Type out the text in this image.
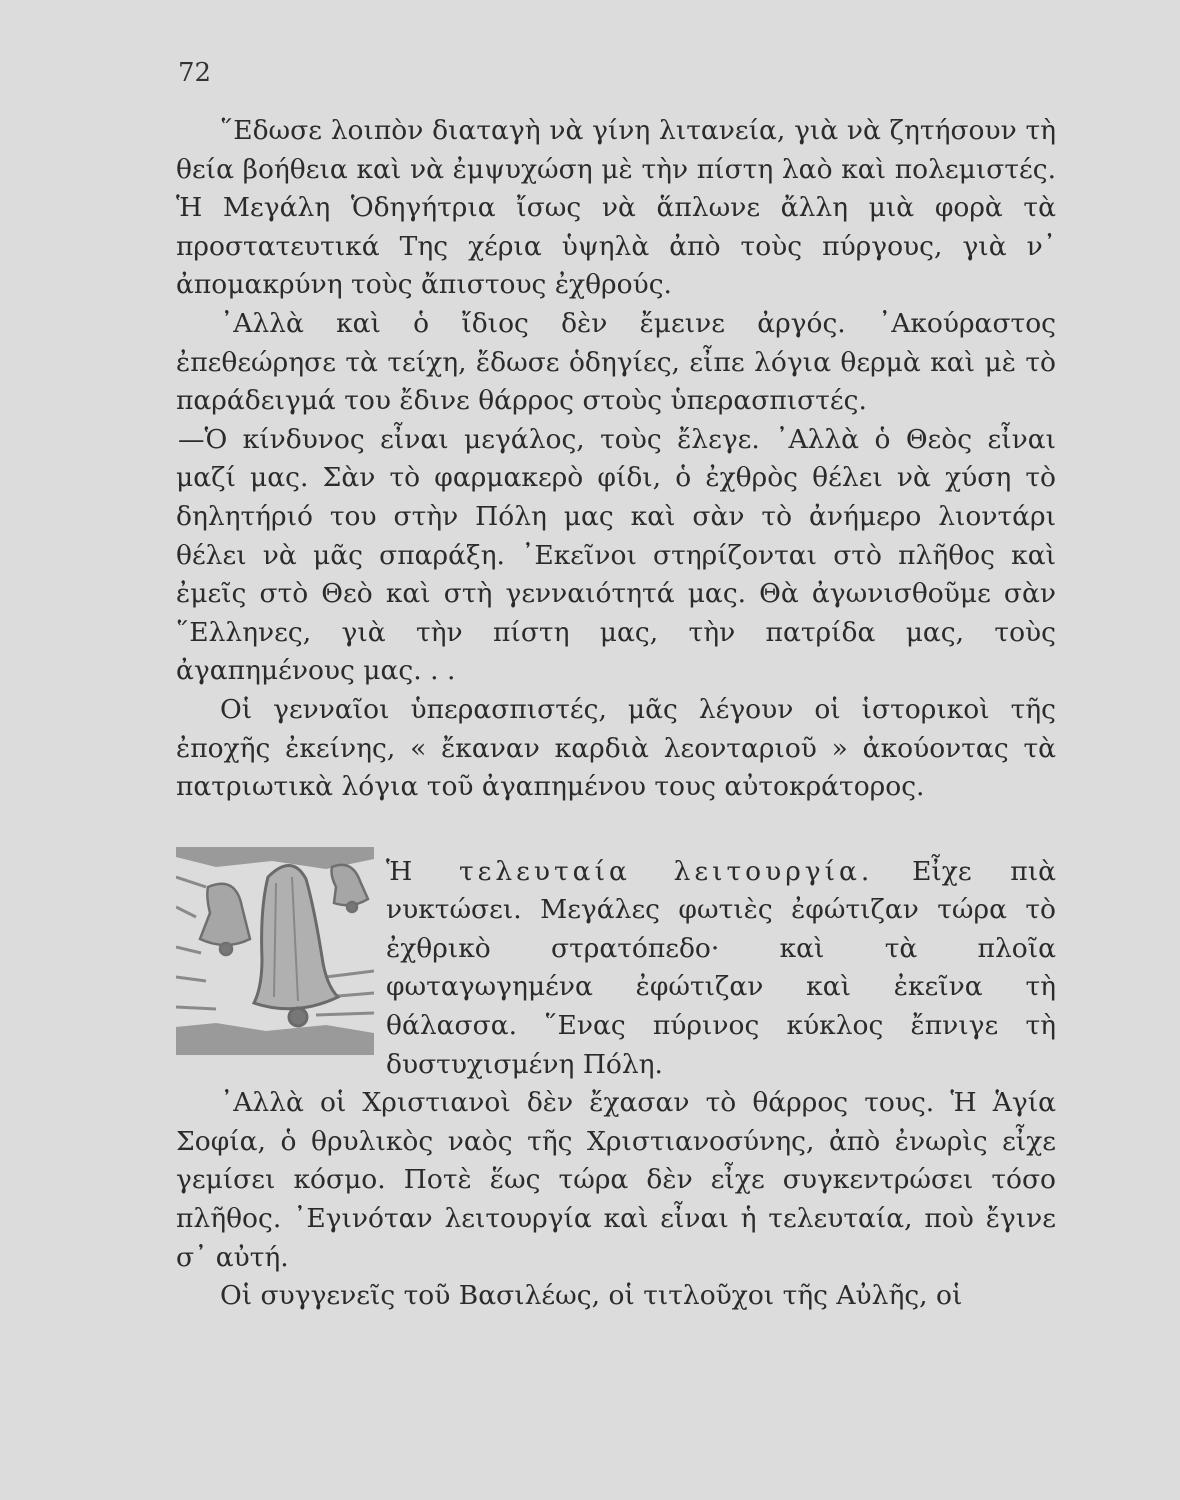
72

῞Εδωσε λοιπὸν διαταγὴ νὰ γίνη λιτανεία, γιὰ νὰ ζητήσουν τὴ θεία βοήθεια καὶ νὰ ἐμψυχώση μὲ τὴν πίστη λαὸ καὶ πολεμιστές. Ἡ Μεγάλη Ὁδηγήτρια ἴσως νὰ ἅπλωνε ἄλλη μιὰ φορὰ τὰ προστατευτικά Της χέρια ὑψηλὰ ἀπὸ τοὺς πύργους, γιὰ ν᾽ ἀπομακρύνη τοὺς ἄπιστους ἐχθρούς.

᾽Αλλὰ καὶ ὁ ἴδιος δὲν ἔμεινε ἀργός. ᾽Ακούραστος ἐπεθεώρησε τὰ τείχη, ἔδωσε ὁδηγίες, εἶπε λόγια θερμὰ καὶ μὲ τὸ παράδειγμά του ἔδινε θάρρος στοὺς ὑπερασπιστές.

—Ὁ κίνδυνος εἶναι μεγάλος, τοὺς ἔλεγε. ᾽Αλλὰ ὁ Θεὸς εἶναι μαζί μας. Σὰν τὸ φαρμακερὸ φίδι, ὁ ἐχθρὸς θέλει νὰ χύση τὸ δηλητήριό του στὴν Πόλη μας καὶ σὰν τὸ ἀνήμερο λιοντάρι θέλει νὰ μᾶς σπαράξη. ᾽Εκεῖνοι στηρίζονται στὸ πλῆθος καὶ ἐμεῖς στὸ Θεὸ καὶ στὴ γενναιότητά μας. Θὰ ἀγωνισθοῦμε σὰν ῞Ελληνες, γιὰ τὴν πίστη μας, τὴν πατρίδα μας, τοὺς ἀγαπημένους μας. . .

Οἱ γενναῖοι ὑπερασπιστές, μᾶς λέγουν οἱ ἱστορικοὶ τῆς ἐποχῆς ἐκείνης, « ἔκαναν καρδιὰ λεονταριοῦ » ἀκούοντας τὰ πατριωτικὰ λόγια τοῦ ἀγαπημένου τους αὐτοκράτορος.

Ἡ τελευταία λειτουργία. Εἶχε πιὰ νυκτώσει. Μεγάλες φωτιὲς ἐφώτιζαν τώρα τὸ ἐχθρικὸ στρατόπεδο· καὶ τὰ πλοῖα φωταγωγημένα ἐφώτιζαν καὶ ἐκεῖνα τὴ θάλασσα. ῞Ενας πύρινος κύκλος ἔπνιγε τὴ δυστυχισμένη Πόλη.

᾽Αλλὰ οἱ Χριστιανοὶ δὲν ἔχασαν τὸ θάρρος τους. Ἡ Ἁγία Σοφία, ὁ θρυλικὸς ναὸς τῆς Χριστιανοσύνης, ἀπὸ ἐνωρὶς εἶχε γεμίσει κόσμο. Ποτὲ ἕως τώρα δὲν εἶχε συγκεντρώσει τόσο πλῆθος. ᾽Εγινόταν λειτουργία καὶ εἶναι ἡ τελευταία, ποὺ ἔγινε σ᾽ αὐτή.

Οἱ συγγενεῖς τοῦ Βασιλέως, οἱ τιτλοῦχοι τῆς Αὐλῆς, οἱ
